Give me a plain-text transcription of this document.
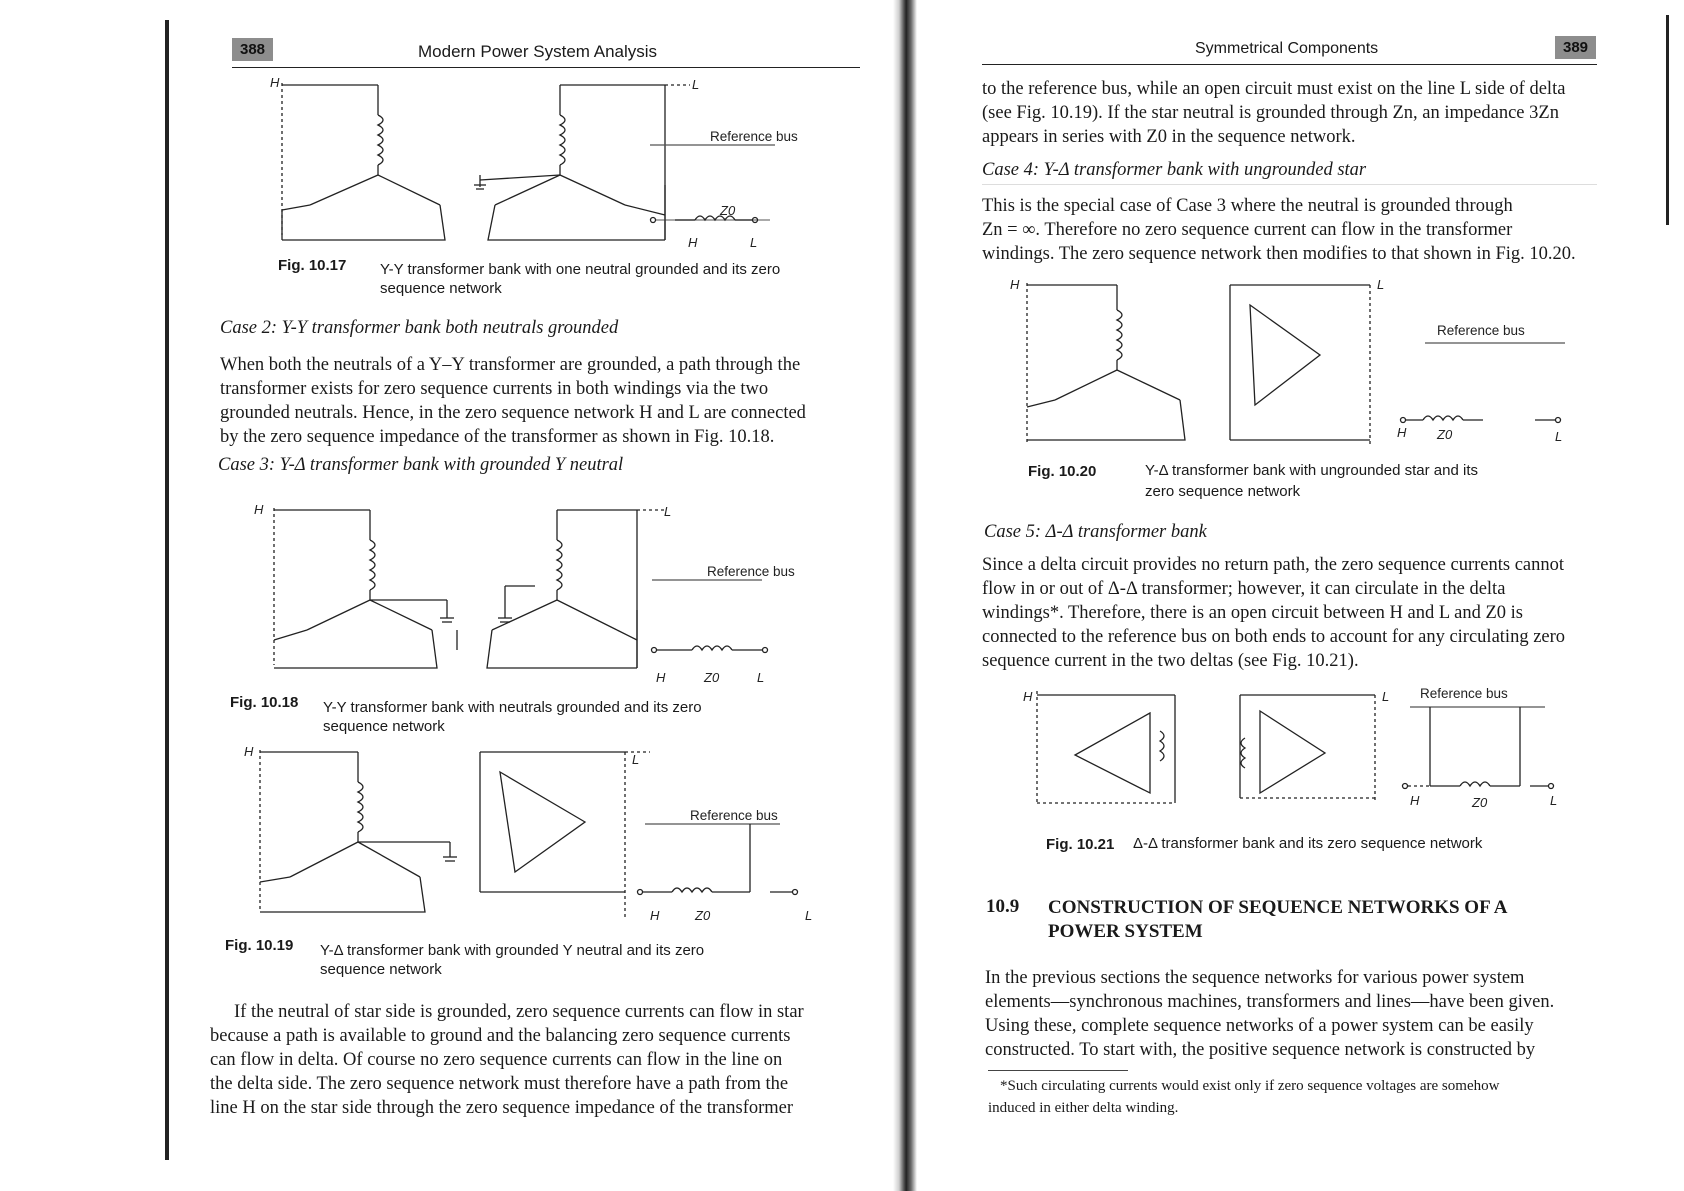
388	Modern Power System Analysis
H	L
Reference bus
Z0
H	L
Fig. 10.17 Y-Y transformer bank with one neutral grounded and its zero
sequence network
Case 2: Y-Y transformer bank both neutrals grounded
When both the neutrals of a Y–Y transformer are grounded, a path through the
transformer exists for zero sequence currents in both windings via the two
grounded neutrals. Hence, in the zero sequence network H and L are connected
by the zero sequence impedance of the transformer as shown in Fig. 10.18.
Case 3: Y-Δ transformer bank with grounded Y neutral
H	L
Reference bus
H	Z0	L
Fig. 10.18 Y-Y transformer bank with neutrals grounded and its zero
sequence network
H
L
Reference bus
H	Z0	L
Fig. 10.19 Y-Δ transformer bank with grounded Y neutral and its zero
sequence network
If the neutral of star side is grounded, zero sequence currents can flow in star
because a path is available to ground and the balancing zero sequence currents
can flow in delta. Of course no zero sequence currents can flow in the line on
the delta side. The zero sequence network must therefore have a path from the
line H on the star side through the zero sequence impedance of the transformer
Symmetrical Components	389
to the reference bus, while an open circuit must exist on the line L side of delta
(see Fig. 10.19). If the star neutral is grounded through Zn, an impedance 3Zn
appears in series with Z0 in the sequence network.
Case 4: Y-Δ transformer bank with ungrounded star
This is the special case of Case 3 where the neutral is grounded through
Zn = ∞. Therefore no zero sequence current can flow in the transformer
windings. The zero sequence network then modifies to that shown in Fig. 10.20.
H	L
Reference bus
H Z0	L
Fig. 10.20	Y-Δ transformer bank with ungrounded star and its
zero sequence network
Case 5: Δ-Δ transformer bank
Since a delta circuit provides no return path, the zero sequence currents cannot
flow in or out of Δ-Δ transformer; however, it can circulate in the delta
windings*. Therefore, there is an open circuit between H and L and Z0 is
connected to the reference bus on both ends to account for any circulating zero
sequence current in the two deltas (see Fig. 10.21).
H	L Reference bus
H	Z0	L
Fig. 10.21 Δ-Δ transformer bank and its zero sequence network
10.9 CONSTRUCTION OF SEQUENCE NETWORKS OF A
POWER SYSTEM
In the previous sections the sequence networks for various power system
elements—synchronous machines, transformers and lines—have been given.
Using these, complete sequence networks of a power system can be easily
constructed. To start with, the positive sequence network is constructed by
*Such circulating currents would exist only if zero sequence voltages are somehow
induced in either delta winding.
